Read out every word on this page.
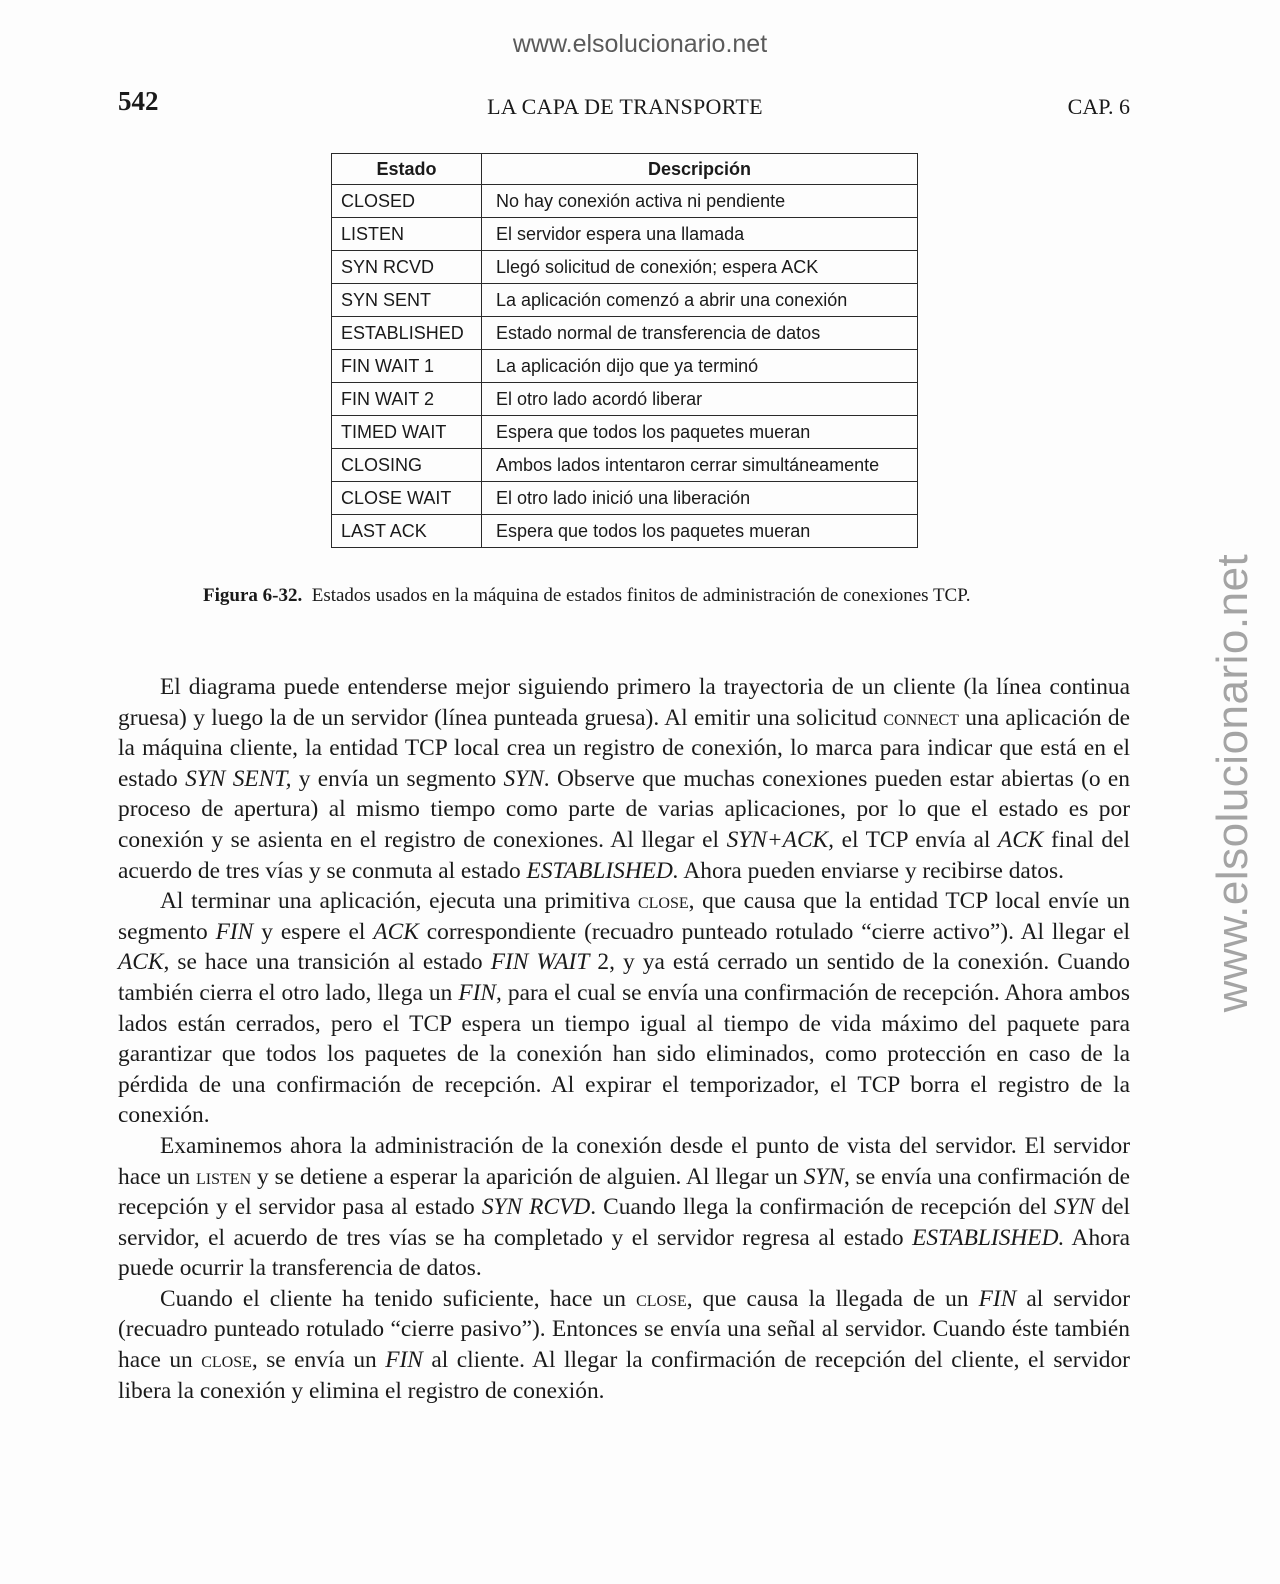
www.elsolucionario.net
www.elsolucionario.net
542	LA CAPA DE TRANSPORTE	CAP. 6
Estado	Descripción
CLOSED	No hay conexión activa ni pendiente
LISTEN	El servidor espera una llamada
SYN RCVD	Llegó solicitud de conexión; espera ACK
SYN SENT	La aplicación comenzó a abrir una conexión
ESTABLISHED	Estado normal de transferencia de datos
FIN WAIT 1	La aplicación dijo que ya terminó
FIN WAIT 2	El otro lado acordó liberar
TIMED WAIT	Espera que todos los paquetes mueran
CLOSING	Ambos lados intentaron cerrar simultáneamente
CLOSE WAIT	El otro lado inició una liberación
LAST ACK	Espera que todos los paquetes mueran
Figura 6-32. Estados usados en la máquina de estados finitos de administración de conexiones TCP.

El diagrama puede entenderse mejor siguiendo primero la trayectoria de un cliente (la línea continua gruesa) y luego la de un servidor (línea punteada gruesa). Al emitir una solicitud connect una aplicación de la máquina cliente, la entidad TCP local crea un registro de conexión, lo marca para indicar que está en el estado SYN SENT, y envía un segmento SYN. Observe que muchas conexiones pueden estar abiertas (o en proceso de apertura) al mismo tiempo como parte de varias aplicaciones, por lo que el estado es por conexión y se asienta en el registro de conexiones. Al llegar el SYN+ACK, el TCP envía al ACK final del acuerdo de tres vías y se conmuta al estado ESTABLISHED. Ahora pueden enviarse y recibirse datos.

Al terminar una aplicación, ejecuta una primitiva close, que causa que la entidad TCP local envíe un segmento FIN y espere el ACK correspondiente (recuadro punteado rotulado “cierre activo”). Al llegar el ACK, se hace una transición al estado FIN WAIT 2, y ya está cerrado un sentido de la conexión. Cuando también cierra el otro lado, llega un FIN, para el cual se envía una confirmación de recepción. Ahora ambos lados están cerrados, pero el TCP espera un tiempo igual al tiempo de vida máximo del paquete para garantizar que todos los paquetes de la conexión han sido eliminados, como protección en caso de la pérdida de una confirmación de recepción. Al expirar el temporizador, el TCP borra el registro de la conexión.

Examinemos ahora la administración de la conexión desde el punto de vista del servidor. El servidor hace un listen y se detiene a esperar la aparición de alguien. Al llegar un SYN, se envía una confirmación de recepción y el servidor pasa al estado SYN RCVD. Cuando llega la confirmación de recepción del SYN del servidor, el acuerdo de tres vías se ha completado y el servidor regresa al estado ESTABLISHED. Ahora puede ocurrir la transferencia de datos.

Cuando el cliente ha tenido suficiente, hace un close, que causa la llegada de un FIN al servidor (recuadro punteado rotulado “cierre pasivo”). Entonces se envía una señal al servidor. Cuando éste también hace un close, se envía un FIN al cliente. Al llegar la confirmación de recepción del cliente, el servidor libera la conexión y elimina el registro de conexión.
